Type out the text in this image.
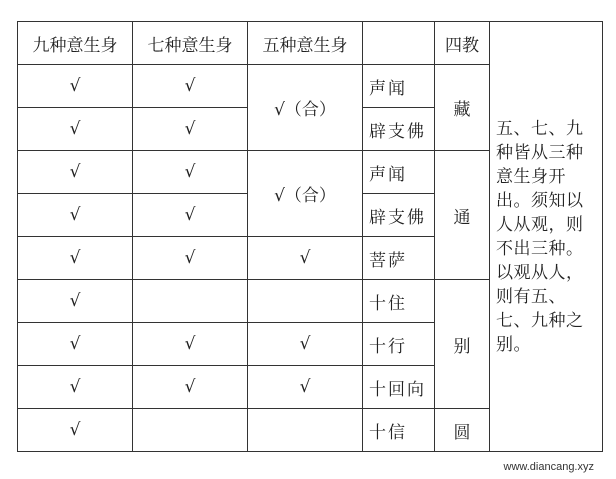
九种意生身	七种意生身	五种意生身		四教	五、七、九种皆从三种意生身开出。须知以人从观，则不出三种。以观从人，则有五、七、九种之别。
√	√	√（合）	声闻	藏	
√	√		辟支佛		
√	√	√（合）	声闻	通	
√	√		辟支佛		
√	√	√	菩萨		
√			十住	别	
√	√	√	十行		
√	√	√	十回向		
√			十信	圆	
www.diancang.xyz
